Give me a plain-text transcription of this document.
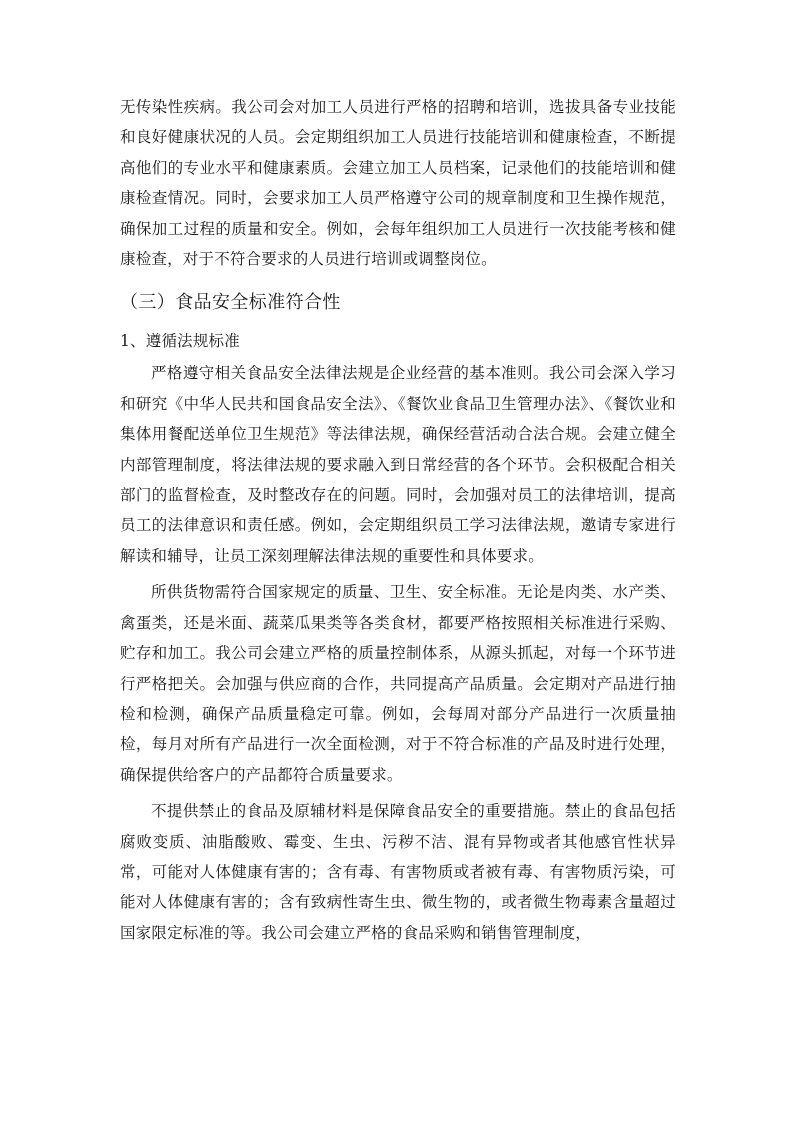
无传染性疾病。我公司会对加工人员进行严格的招聘和培训，选拔具备专业技能和良好健康状况的人员。会定期组织加工人员进行技能培训和健康检查，不断提高他们的专业水平和健康素质。会建立加工人员档案，记录他们的技能培训和健康检查情况。同时，会要求加工人员严格遵守公司的规章制度和卫生操作规范，确保加工过程的质量和安全。例如，会每年组织加工人员进行一次技能考核和健康检查，对于不符合要求的人员进行培训或调整岗位。

（三）食品安全标准符合性

1、遵循法规标准

严格遵守相关食品安全法律法规是企业经营的基本准则。我公司会深入学习和研究《中华人民共和国食品安全法》、《餐饮业食品卫生管理办法》、《餐饮业和集体用餐配送单位卫生规范》等法律法规，确保经营活动合法合规。会建立健全内部管理制度，将法律法规的要求融入到日常经营的各个环节。会积极配合相关部门的监督检查，及时整改存在的问题。同时，会加强对员工的法律培训，提高员工的法律意识和责任感。例如，会定期组织员工学习法律法规，邀请专家进行解读和辅导，让员工深刻理解法律法规的重要性和具体要求。

所供货物需符合国家规定的质量、卫生、安全标准。无论是肉类、水产类、禽蛋类，还是米面、蔬菜瓜果类等各类食材，都要严格按照相关标准进行采购、贮存和加工。我公司会建立严格的质量控制体系，从源头抓起，对每一个环节进行严格把关。会加强与供应商的合作，共同提高产品质量。会定期对产品进行抽检和检测，确保产品质量稳定可靠。例如，会每周对部分产品进行一次质量抽检，每月对所有产品进行一次全面检测，对于不符合标准的产品及时进行处理，确保提供给客户的产品都符合质量要求。

不提供禁止的食品及原辅材料是保障食品安全的重要措施。禁止的食品包括腐败变质、油脂酸败、霉变、生虫、污秽不洁、混有异物或者其他感官性状异常，可能对人体健康有害的；含有毒、有害物质或者被有毒、有害物质污染，可能对人体健康有害的；含有致病性寄生虫、微生物的，或者微生物毒素含量超过国家限定标准的等。我公司会建立严格的食品采购和销售管理制度，
